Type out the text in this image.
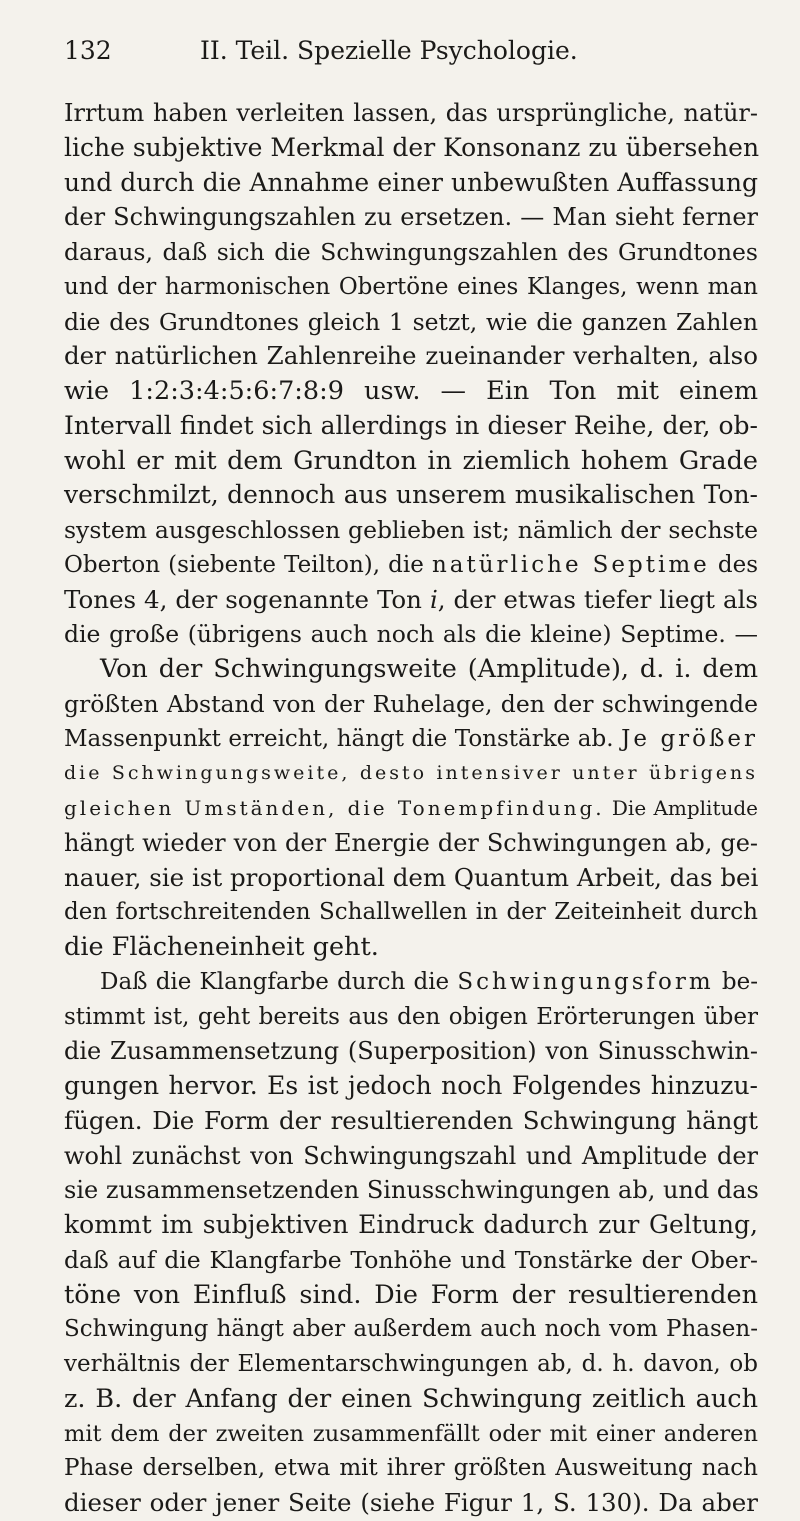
132	II. Teil. Spezielle Psychologie.
Irrtum haben verleiten lassen, das ursprüngliche, natür-
liche subjektive Merkmal der Konsonanz zu übersehen
und durch die Annahme einer unbewußten Auffassung
der Schwingungszahlen zu ersetzen. — Man sieht ferner
daraus, daß sich die Schwingungszahlen des Grundtones
und der harmonischen Obertöne eines Klanges, wenn man
die des Grundtones gleich 1 setzt, wie die ganzen Zahlen
der natürlichen Zahlenreihe zueinander verhalten, also
wie 1:2:3:4:5:6:7:8:9 usw. — Ein Ton mit einem
Intervall findet sich allerdings in dieser Reihe, der, ob-
wohl er mit dem Grundton in ziemlich hohem Grade
verschmilzt, dennoch aus unserem musikalischen Ton-
system ausgeschlossen geblieben ist; nämlich der sechste
Oberton (siebente Teilton), die natürliche Septime des
Tones 4, der sogenannte Ton i, der etwas tiefer liegt als
die große (übrigens auch noch als die kleine) Septime. —
Von der Schwingungsweite (Amplitude), d. i. dem
größten Abstand von der Ruhelage, den der schwingende
Massenpunkt erreicht, hängt die Tonstärke ab. Je größer
die Schwingungsweite, desto intensiver unter übrigens
gleichen Umständen, die Tonempfindung. Die Amplitude
hängt wieder von der Energie der Schwingungen ab, ge-
nauer, sie ist proportional dem Quantum Arbeit, das bei
den fortschreitenden Schallwellen in der Zeiteinheit durch
die Flächeneinheit geht.
Daß die Klangfarbe durch die Schwingungsform be-
stimmt ist, geht bereits aus den obigen Erörterungen über
die Zusammensetzung (Superposition) von Sinusschwin-
gungen hervor. Es ist jedoch noch Folgendes hinzuzu-
fügen. Die Form der resultierenden Schwingung hängt
wohl zunächst von Schwingungszahl und Amplitude der
sie zusammensetzenden Sinusschwingungen ab, und das
kommt im subjektiven Eindruck dadurch zur Geltung,
daß auf die Klangfarbe Tonhöhe und Tonstärke der Ober-
töne von Einfluß sind. Die Form der resultierenden
Schwingung hängt aber außerdem auch noch vom Phasen-
verhältnis der Elementarschwingungen ab, d. h. davon, ob
z. B. der Anfang der einen Schwingung zeitlich auch
mit dem der zweiten zusammenfällt oder mit einer anderen
Phase derselben, etwa mit ihrer größten Ausweitung nach
dieser oder jener Seite (siehe Figur 1, S. 130). Da aber
